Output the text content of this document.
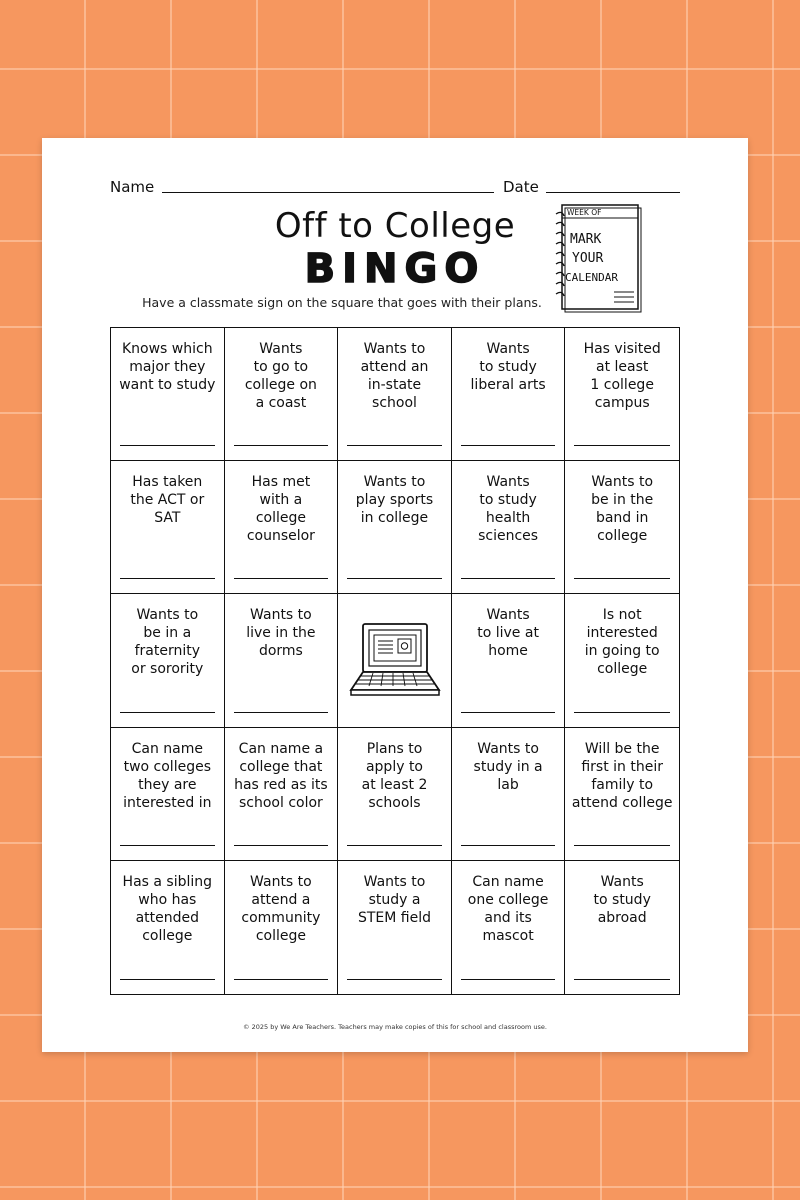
Name	Date
Off to College
BINGO
Have a classmate sign on the square that goes with their plans.
WEEK OF
MARK
YOUR
CALENDAR
Knows which
major they
want to study
Wants
to go to
college on
a coast
Wants to
attend an
in-state
school
Wants
to study
liberal arts
Has visited
at least
1 college
campus
Has taken
the ACT or
SAT
Has met
with a
college
counselor
Wants to
play sports
in college
Wants
to study
health
sciences
Wants to
be in the
band in
college
Wants to
be in a
fraternity
or sorority
Wants to
live in the
dorms
Wants
to live at
home
Is not
interested
in going to
college
Can name
two colleges
they are
interested in
Can name a
college that
has red as its
school color
Plans to
apply to
at least 2
schools
Wants to
study in a
lab
Will be the
first in their
family to
attend college
Has a sibling
who has
attended
college
Wants to
attend a
community
college
Wants to
study a
STEM field
Can name
one college
and its
mascot
Wants
to study
abroad
© 2025 by We Are Teachers. Teachers may make copies of this for school and classroom use.
